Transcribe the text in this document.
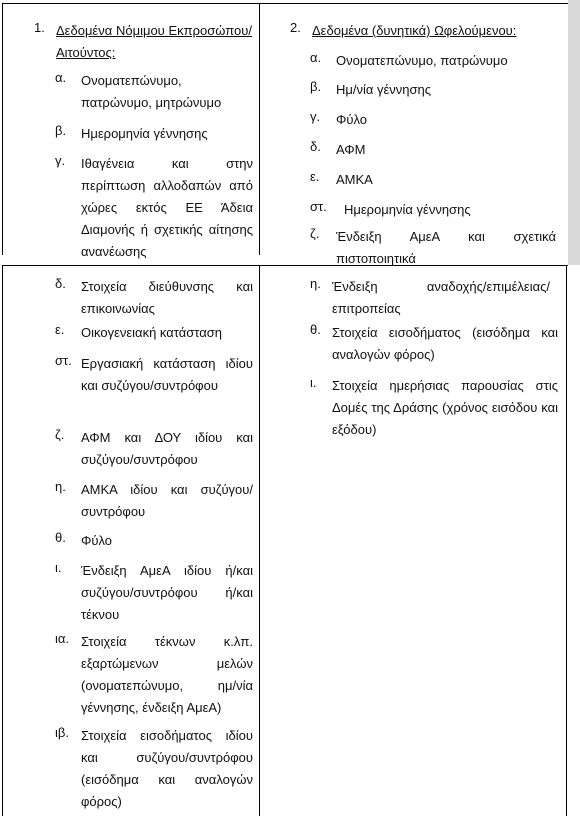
1. Δεδομένα Νόμιμου Εκπροσώπου/Αιτούντος:
α. Ονοματεπώνυμο, πατρώνυμο, μητρώνυμο
β. Ημερομηνία γέννησης
γ. Ιθαγένεια και στην περίπτωση αλλοδαπών από χώρες εκτός ΕΕ Άδεια Διαμονής ή σχετικής αίτησης ανανέωσης
δ. Στοιχεία διεύθυνσης και επικοινωνίας
ε. Οικογενειακή κατάσταση
στ. Εργασιακή κατάσταση ιδίου και συζύγου/συντρόφου
ζ. ΑΦΜ και ΔΟΥ ιδίου και συζύγου/συντρόφου
η. ΑΜΚΑ ιδίου και συζύγου/συντρόφου
θ. Φύλο
ι. Ένδειξη ΑμεΑ ιδίου ή/και συζύγου/συντρόφου ή/και τέκνου
ια. Στοιχεία τέκνων κ.λπ. εξαρτώμενων μελών (ονοματεπώνυμο, ημ/νία γέννησης, ένδειξη ΑμεΑ)
ιβ. Στοιχεία εισοδήματος ιδίου και συζύγου/συντρόφου (εισόδημα και αναλογών φόρος)
2. Δεδομένα (δυνητικά) Ωφελούμενου:
α. Ονοματεπώνυμο, πατρώνυμο
β. Ημ/νία γέννησης
γ. Φύλο
δ. ΑΦΜ
ε. ΑΜΚΑ
στ. Ημερομηνία γέννησης
ζ. Ένδειξη ΑμεΑ και σχετικά πιστοποιητικά
η. Ένδειξη αναδοχής/επιμέλειας/επιτροπείας
θ. Στοιχεία εισοδήματος (εισόδημα και αναλογών φόρος)
ι. Στοιχεία ημερήσιας παρουσίας στις Δομές της Δράσης (χρόνος εισόδου και εξόδου)
